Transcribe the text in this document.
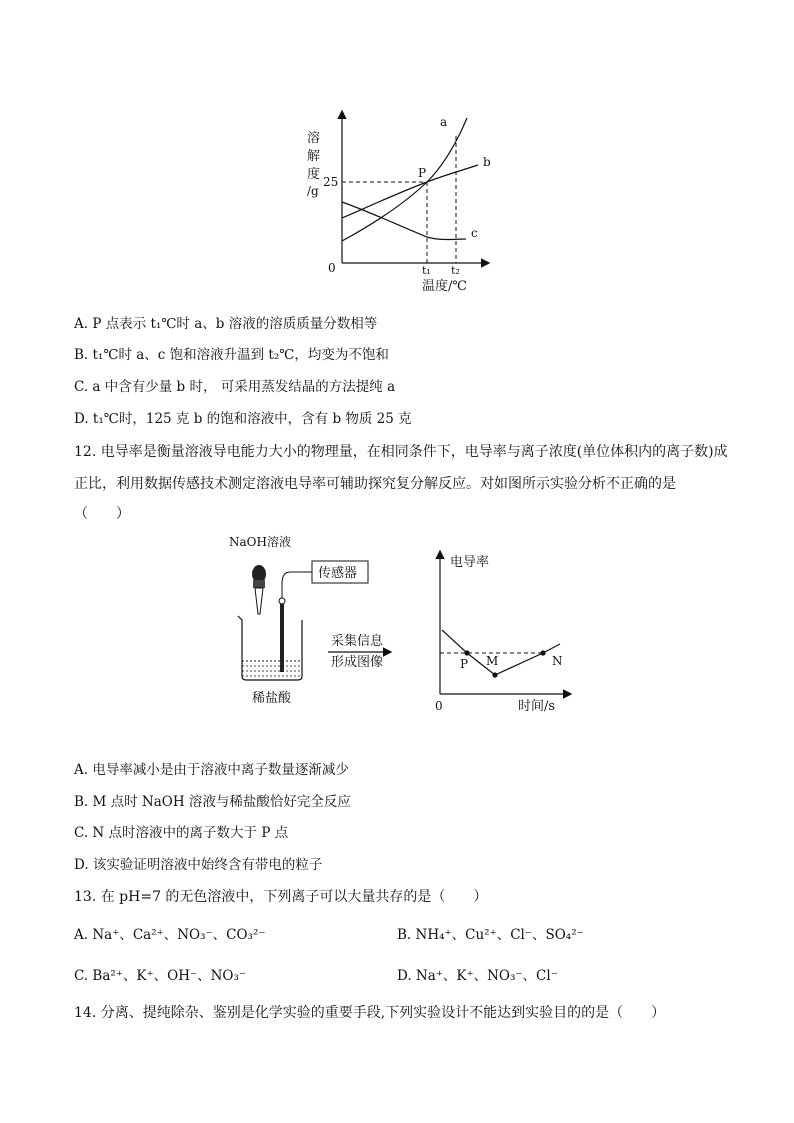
溶
解
度
/g
25
0
P
a
b
c
t₁ t₂
温度/℃
A. P 点表示 t₁℃时 a、b 溶液的溶质质量分数相等
B. t₁℃时 a、c 饱和溶液升温到 t₂℃，均变为不饱和
C. a 中含有少量 b 时， 可采用蒸发结晶的方法提纯 a
D. t₁℃时，125 克 b 的饱和溶液中，含有 b 物质 25 克
12. 电导率是衡量溶液导电能力大小的物理量，在相同条件下，电导率与离子浓度(单位体积内的离子数)成
正比，利用数据传感技术测定溶液电导率可辅助探究复分解反应。对如图所示实验分析不正确的是
（　　）
NaOH溶液
传感器
稀盐酸
采集信息
形成图像
电导率
0	时间/s
P M	N
A. 电导率减小是由于溶液中离子数量逐渐减少
B. M 点时 NaOH 溶液与稀盐酸恰好完全反应
C. N 点时溶液中的离子数大于 P 点
D. 该实验证明溶液中始终含有带电的粒子
13. 在 pH=7 的无色溶液中，下列离子可以大量共存的是（　　）
A. Na⁺、Ca²⁺、NO₃⁻、CO₃²⁻	B. NH₄⁺、Cu²⁺、Cl⁻、SO₄²⁻
C. Ba²⁺、K⁺、OH⁻、NO₃⁻	D. Na⁺、K⁺、NO₃⁻、Cl⁻
14. 分离、提纯除杂、鉴别是化学实验的重要手段,下列实验设计不能达到实验目的的是（　　）
